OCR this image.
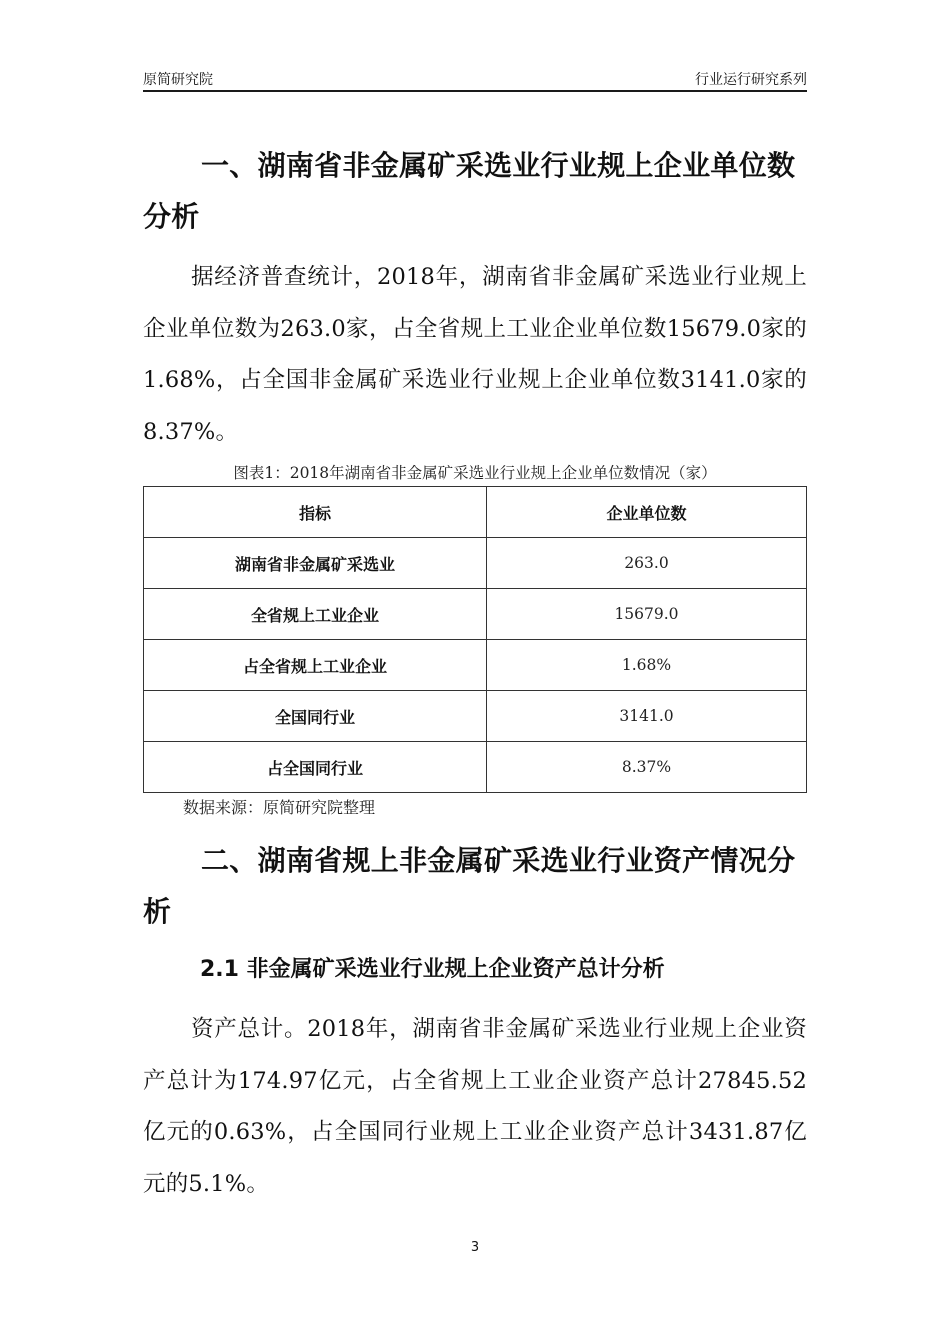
原简研究院	行业运行研究系列
一、湖南省非金属矿采选业行业规上企业单位数分析
据经济普查统计，2018年，湖南省非金属矿采选业行业规上企业单位数为263.0家，占全省规上工业企业单位数15679.0家的1.68%，占全国非金属矿采选业行业规上企业单位数3141.0家的8.37%。
图表1：2018年湖南省非金属矿采选业行业规上企业单位数情况（家）
指标	企业单位数
湖南省非金属矿采选业	263.0
全省规上工业企业	15679.0
占全省规上工业企业	1.68%
全国同行业	3141.0
占全国同行业	8.37%
数据来源：原简研究院整理
二、湖南省规上非金属矿采选业行业资产情况分析
2.1 非金属矿采选业行业规上企业资产总计分析
资产总计。2018年，湖南省非金属矿采选业行业规上企业资产总计为174.97亿元，占全省规上工业企业资产总计27845.52亿元的0.63%，占全国同行业规上工业企业资产总计3431.87亿元的5.1%。
3
